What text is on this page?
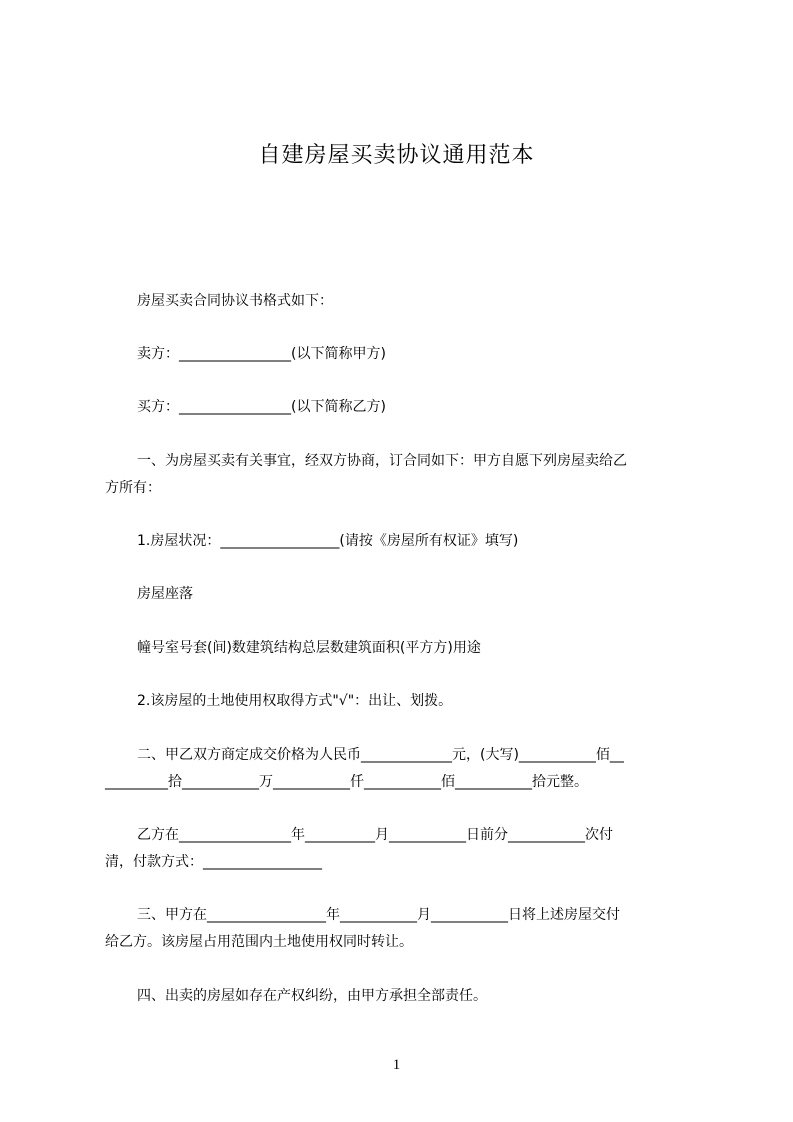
自建房屋买卖协议通用范本
房屋买卖合同协议书格式如下：
卖方：________________(以下简称甲方)
买方：________________(以下简称乙方)
一、为房屋买卖有关事宜，经双方协商，订合同如下：甲方自愿下列房屋卖给乙
方所有：
1.房屋状况：_________________(请按《房屋所有权证》填写)
房屋座落
幢号室号套(间)数建筑结构总层数建筑面积(平方方)用途
2.该房屋的土地使用权取得方式"√"：出让、划拨。
二、甲乙双方商定成交价格为人民币_____________元，(大写)___________佰__
_________拾___________万___________仟___________佰___________拾元整。
乙方在________________年__________月___________日前分___________次付
清，付款方式：_________________
三、甲方在_________________年___________月___________日将上述房屋交付
给乙方。该房屋占用范围内土地使用权同时转让。
四、出卖的房屋如存在产权纠纷，由甲方承担全部责任。
1
